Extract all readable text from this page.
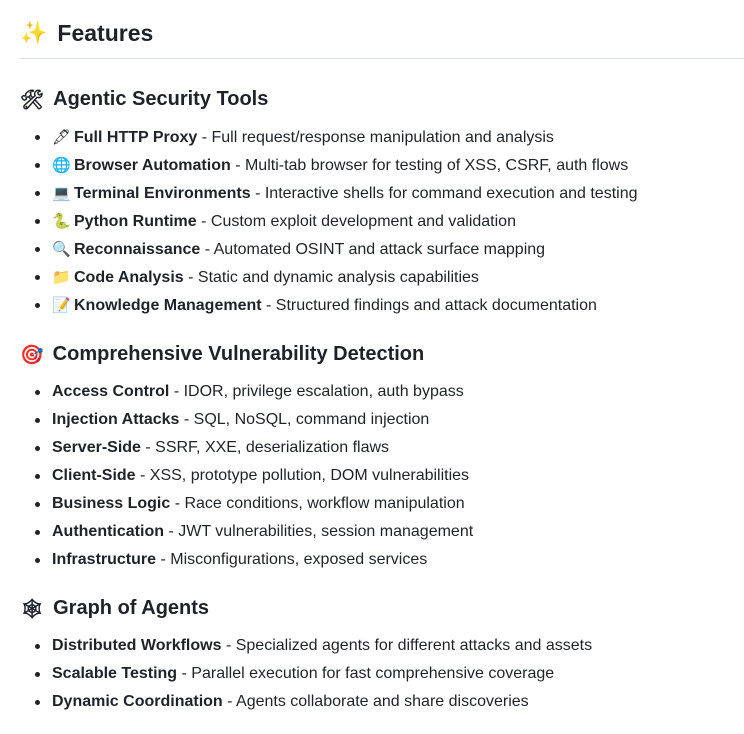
✨ Features
🛠 Agentic Security Tools
🖋 Full HTTP Proxy - Full request/response manipulation and analysis
🌐 Browser Automation - Multi-tab browser for testing of XSS, CSRF, auth flows
💻 Terminal Environments - Interactive shells for command execution and testing
🐍 Python Runtime - Custom exploit development and validation
🔍 Reconnaissance - Automated OSINT and attack surface mapping
📁 Code Analysis - Static and dynamic analysis capabilities
📝 Knowledge Management - Structured findings and attack documentation
🎯 Comprehensive Vulnerability Detection
Access Control - IDOR, privilege escalation, auth bypass
Injection Attacks - SQL, NoSQL, command injection
Server-Side - SSRF, XXE, deserialization flaws
Client-Side - XSS, prototype pollution, DOM vulnerabilities
Business Logic - Race conditions, workflow manipulation
Authentication - JWT vulnerabilities, session management
Infrastructure - Misconfigurations, exposed services
🕸 Graph of Agents
Distributed Workflows - Specialized agents for different attacks and assets
Scalable Testing - Parallel execution for fast comprehensive coverage
Dynamic Coordination - Agents collaborate and share discoveries
